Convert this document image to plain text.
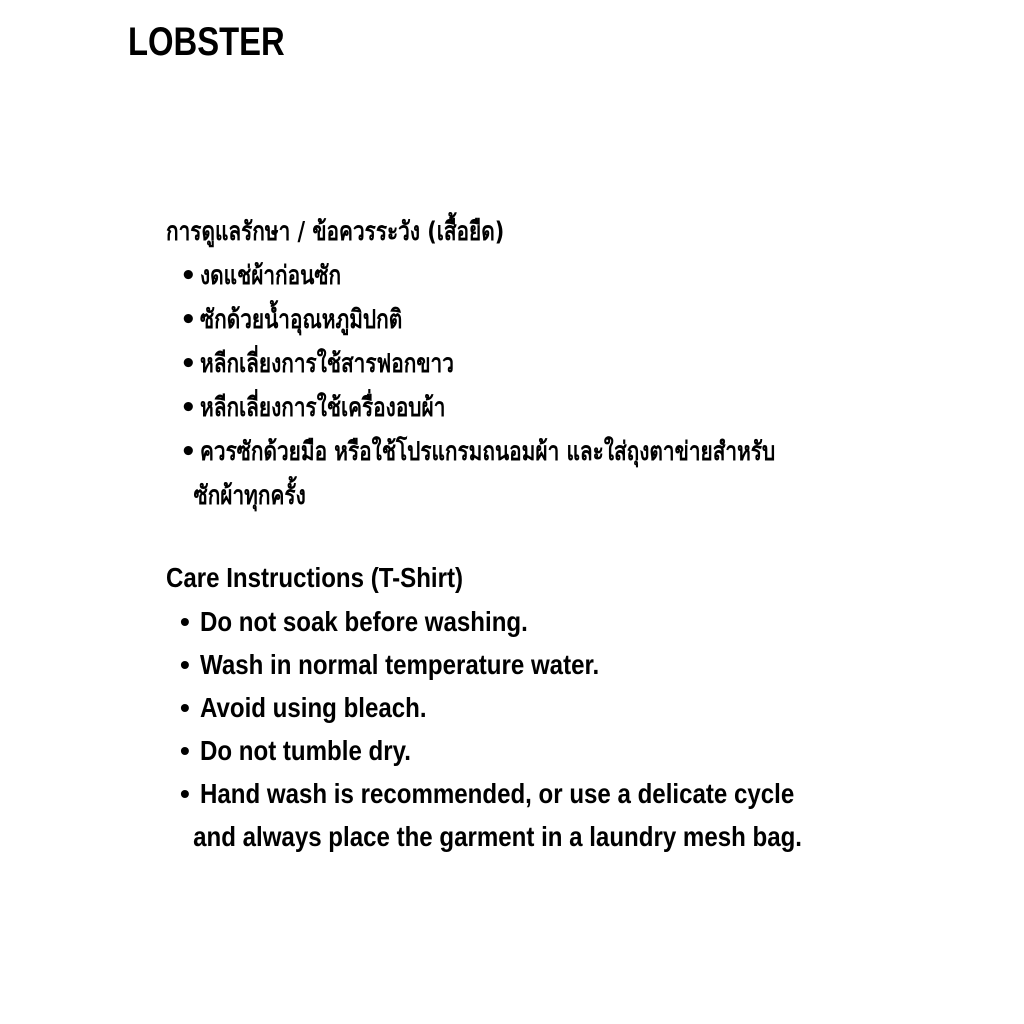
LOBSTER
การดูแลรักษา / ข้อควรระวัง (เสื้อยืด)
• งดแช่ผ้าก่อนซัก
• ซักด้วยน้ำอุณหภูมิปกติ
• หลีกเลี่ยงการใช้สารฟอกขาว
• หลีกเลี่ยงการใช้เครื่องอบผ้า
• ควรซักด้วยมือ หรือใช้โปรแกรมถนอมผ้า และใส่ถุงตาข่ายสำหรับ
ซักผ้าทุกครั้ง
Care Instructions (T-Shirt)
• Do not soak before washing.
• Wash in normal temperature water.
• Avoid using bleach.
• Do not tumble dry.
• Hand wash is recommended, or use a delicate cycle
and always place the garment in a laundry mesh bag.
